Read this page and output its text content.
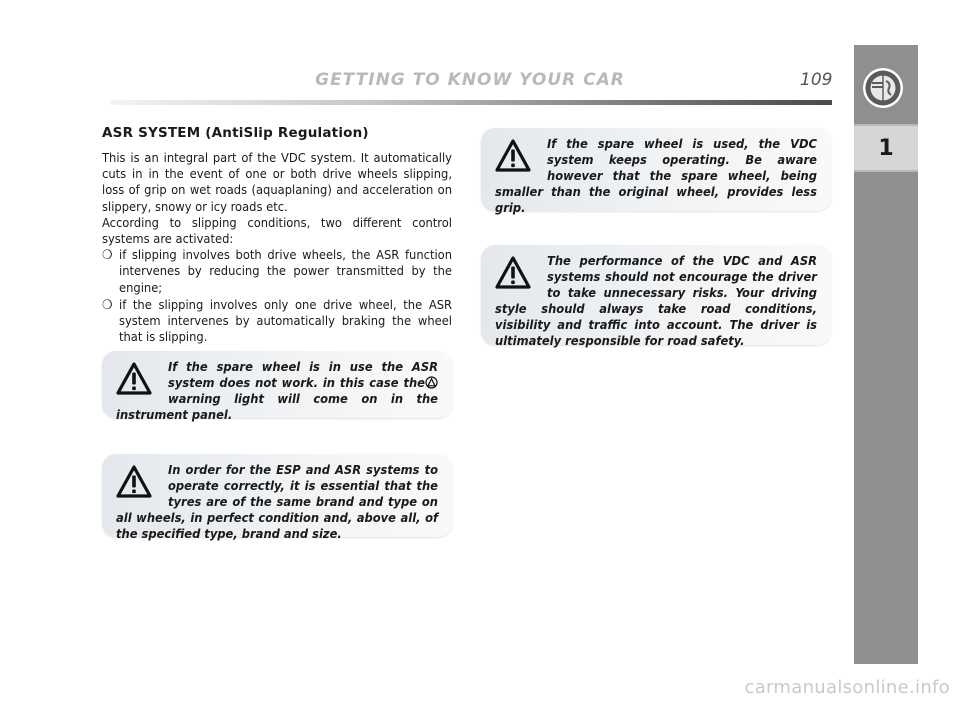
GETTING TO KNOW YOUR CAR	109
1
ASR SYSTEM (AntiSlip Regulation)

This is an integral part of the VDC system. It automatically cuts in in the event of one or both drive wheels slipping, loss of grip on wet roads (aquaplaning) and acceleration on slippery, snowy or icy roads etc.

According to slipping conditions, two different control systems are activated:

❍ if slipping involves both drive wheels, the ASR function intervenes by reducing the power transmitted by the engine;
❍ if the slipping involves only one drive wheel, the ASR system intervenes by automatically braking the wheel that is slipping.

If the spare wheel is in use the ASR system does not work. in this case the warning light will come on in the instrument panel.

In order for the ESP and ASR systems to operate correctly, it is essential that the tyres are of the same brand and type on all wheels, in perfect condition and, above all, of the specified type, brand and size.

If the spare wheel is used, the VDC system keeps operating. Be aware however that the spare wheel, being smaller than the original wheel, provides less grip.

The performance of the VDC and ASR systems should not encourage the driver to take unnecessary risks. Your driving style should always take road conditions, visibility and traffic into account. The driver is ultimately responsible for road safety.

carmanualsonline.info
